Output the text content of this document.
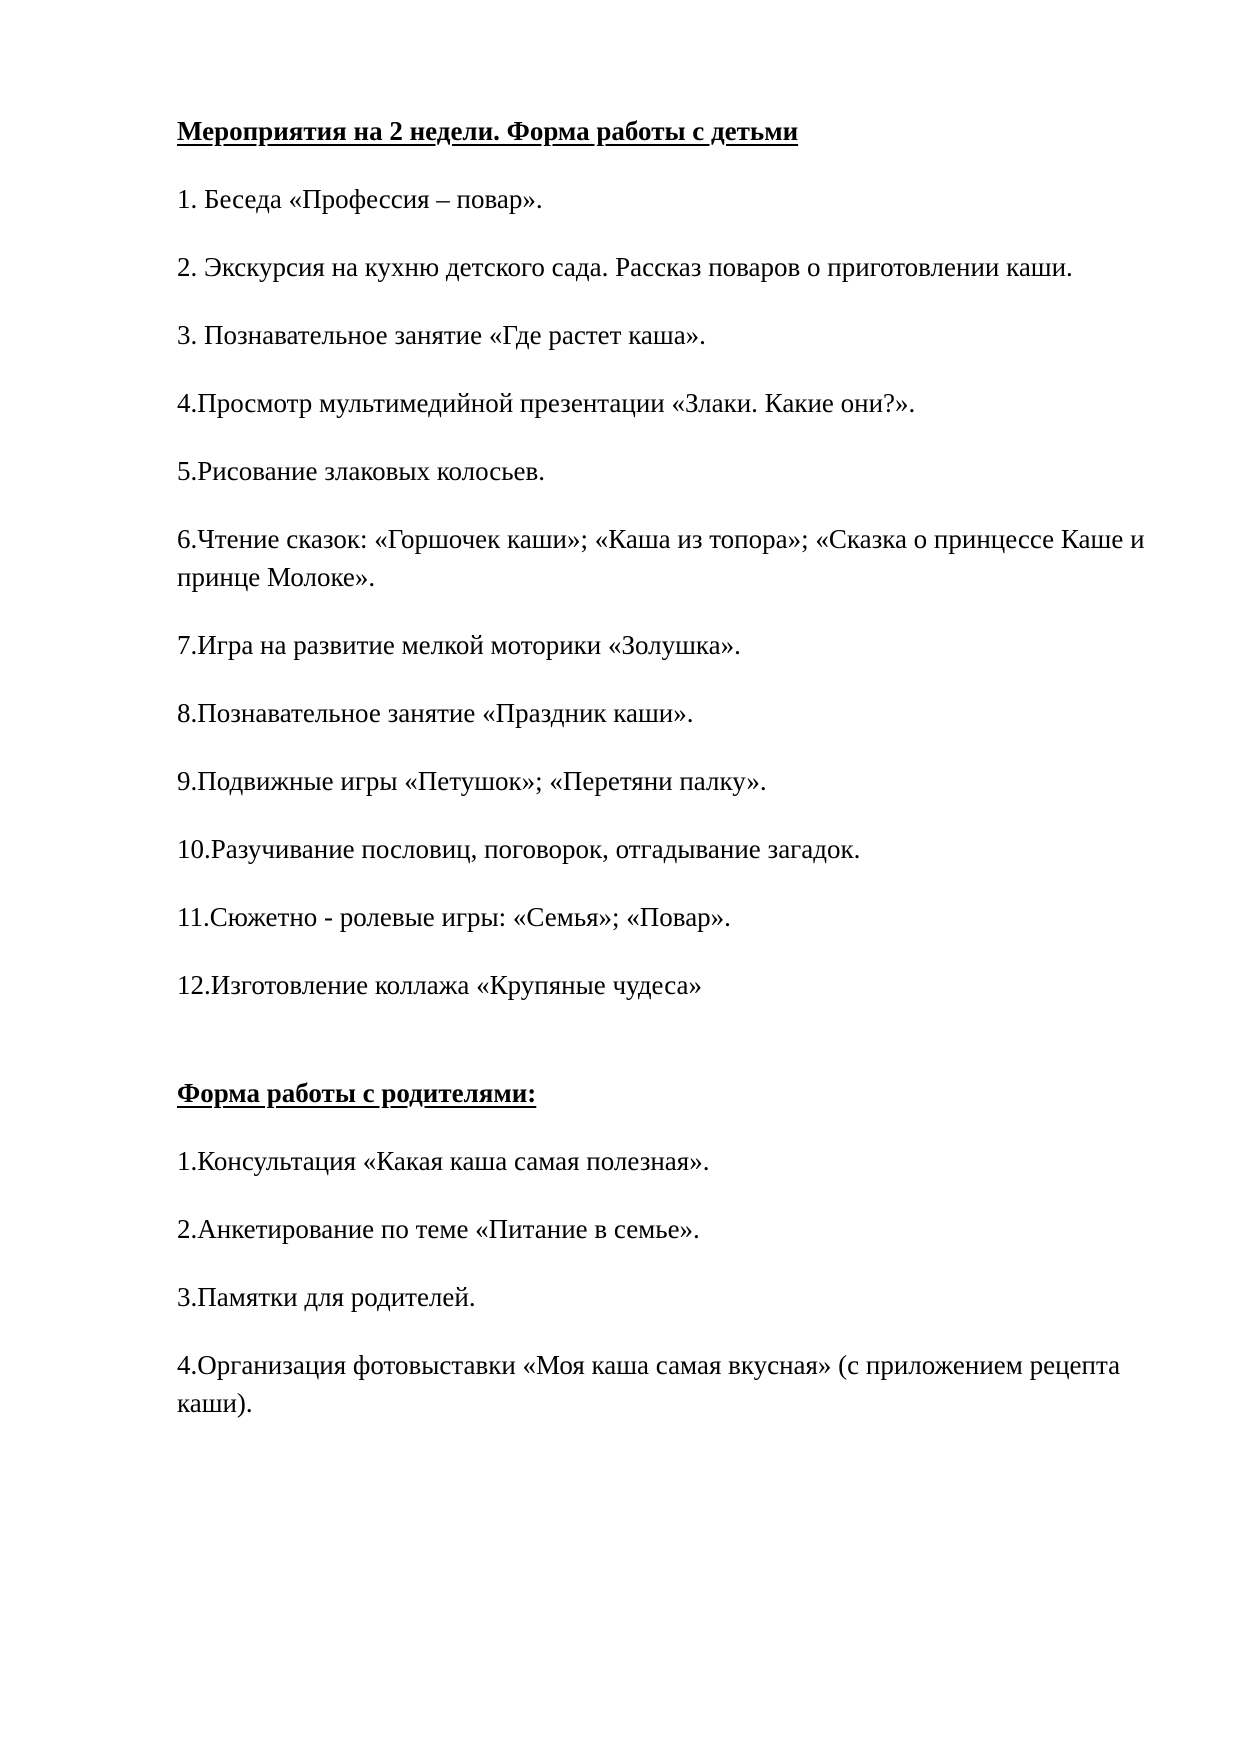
Мероприятия на 2 недели. Форма работы с детьми

1. Беседа «Профессия – повар».

2. Экскурсия на кухню детского сада. Рассказ поваров о приготовлении каши.

3. Познавательное занятие «Где растет каша».

4.Просмотр мультимедийной презентации «Злаки. Какие они?».

5.Рисование злаковых колосьев.

6.Чтение сказок: «Горшочек каши»; «Каша из топора»; «Сказка о принцессе Каше и принце Молоке».

7.Игра на развитие мелкой моторики «Золушка».

8.Познавательное занятие «Праздник каши».

9.Подвижные игры «Петушок»; «Перетяни палку».

10.Разучивание пословиц, поговорок, отгадывание загадок.

11.Сюжетно - ролевые игры: «Семья»; «Повар».

12.Изготовление коллажа «Крупяные чудеса»

Форма работы с родителями:

1.Консультация «Какая каша самая полезная».

2.Анкетирование по теме «Питание в семье».

3.Памятки для родителей.

4.Организация фотовыставки «Моя каша самая вкусная» (с приложением рецепта каши).
